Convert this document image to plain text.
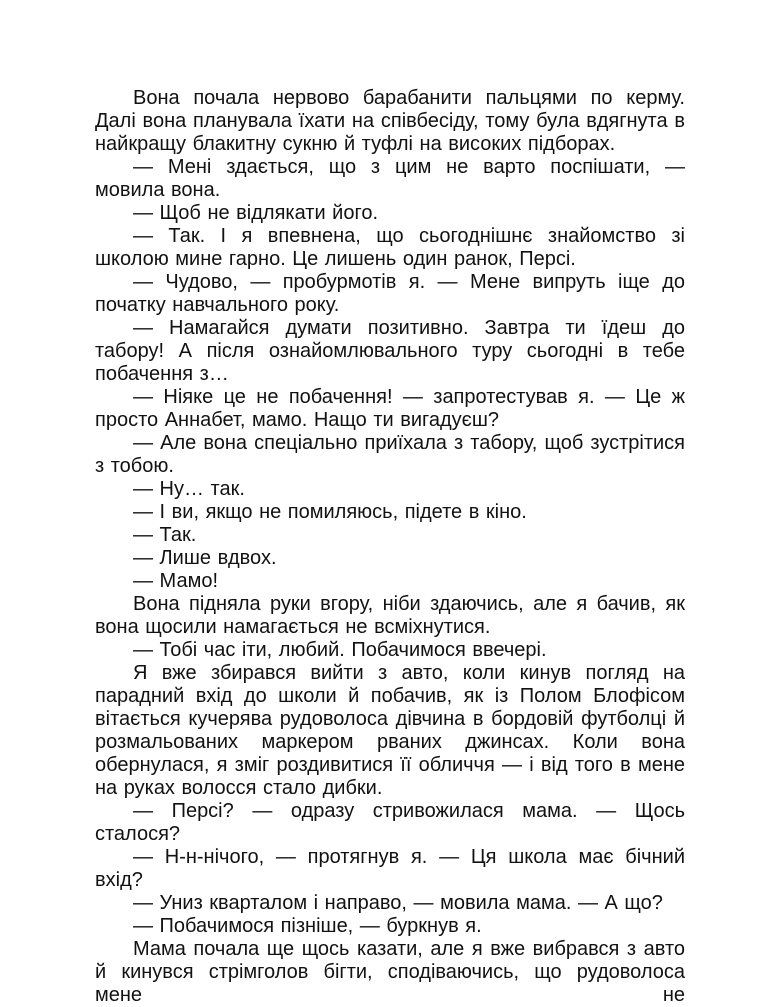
Вона почала нервово барабанити пальцями по керму. Далі вона планувала їхати на співбесіду, тому була вдягнута в найкращу блакитну сукню й туфлі на високих підборах.

— Мені здається, що з цим не варто поспішати, — мовила вона.

— Щоб не відлякати його.

— Так. І я впевнена, що сьогоднішнє знайомство зі школою мине гарно. Це лишень один ранок, Персі.

— Чудово, — пробурмотів я. — Мене випруть іще до початку навчального року.

— Намагайся думати позитивно. Завтра ти їдеш до табору! А після ознайомлювального туру сьогодні в тебе побачення з…

— Ніяке це не побачення! — запротестував я. — Це ж просто Аннабет, мамо. Нащо ти вигадуєш?

— Але вона спеціально приїхала з табору, щоб зустрітися з тобою.

— Ну… так.

— І ви, якщо не помиляюсь, підете в кіно.

— Так.

— Лише вдвох.

— Мамо!

Вона підняла руки вгору, ніби здаючись, але я бачив, як вона щосили намагається не всміхнутися.

— Тобі час іти, любий. Побачимося ввечері.

Я вже збирався вийти з авто, коли кинув погляд на парадний вхід до школи й побачив, як із Полом Блофісом вітається кучерява рудоволоса дівчина в бордовій футболці й розмальованих маркером рваних джинсах. Коли вона обернулася, я зміг роздивитися її обличчя — і від того в мене на руках волосся стало дибки.

— Персі? — одразу стривожилася мама. — Щось сталося?

— Н-н-нічого, — протягнув я. — Ця школа має бічний вхід?

— Униз кварталом і направо, — мовила мама. — А що?

— Побачимося пізніше, — буркнув я.

Мама почала ще щось казати, але я вже вибрався з авто й кинувся стрімголов бігти, сподіваючись, що рудоволоса мене не
